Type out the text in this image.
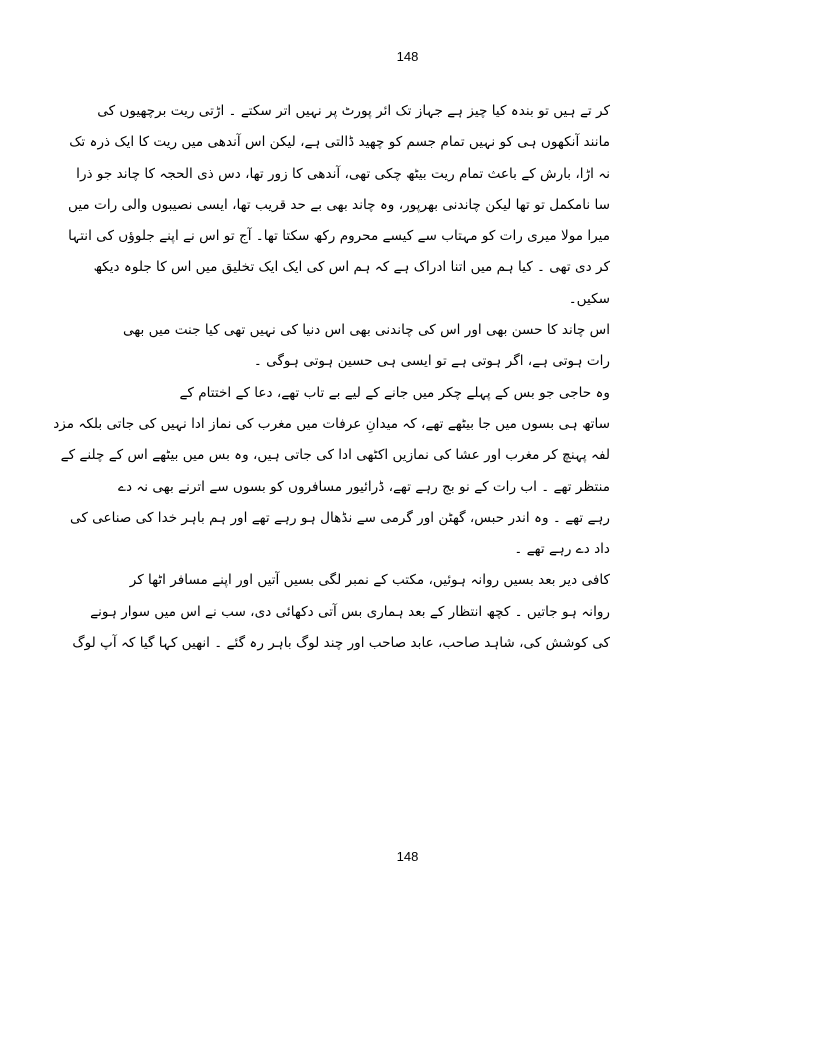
148
کر تے ہیں تو بندہ کیا چیز ہے جہاز تک ائر پورٹ پر نہیں اتر سکتے ۔ اڑتی ریت برچھیوں کی
مانند آنکھوں ہی کو نہیں تمام جسم کو چھید ڈالتی ہے، لیکن اس آندھی میں ریت کا ایک ذرہ تک
نہ اڑا، بارش کے باعث تمام ریت بیٹھ چکی تھی، آندھی کا زور تھا، دس ذی الحجہ کا چاند جو ذرا
سا نامکمل تو تھا لیکن چاندنی بھرپور، وہ چاند بھی بے حد قریب تھا، ایسی نصیبوں والی رات میں
میرا مولا میری رات کو مہتاب سے کیسے محروم رکھ سکتا تھا۔ آج تو اس نے اپنے جلوؤں کی انتہا
کر دی تھی ۔ کیا ہم میں اتنا ادراک ہے کہ ہم اس کی ایک ایک تخلیق میں اس کا جلوہ دیکھ
سکیں۔
اس چاند کا حسن بھی اور اس کی چاندنی بھی اس دنیا کی نہیں تھی کیا جنت میں بھی
رات ہوتی ہے، اگر ہوتی ہے تو ایسی ہی حسین ہوتی ہوگی ۔
وہ حاجی جو بس کے پہلے چکر میں جانے کے لیے بے تاب تھے، دعا کے اختتام کے
ساتھ ہی بسوں میں جا بیٹھے تھے، کہ میدانِ عرفات میں مغرب کی نماز ادا نہیں کی جاتی بلکہ مزد
لفہ پہنچ کر مغرب اور عشا کی نمازیں اکٹھی ادا کی جاتی ہیں، وہ بس میں بیٹھے اس کے چلنے کے
منتظر تھے ۔ اب رات کے نو بج رہے تھے، ڈرائیور مسافروں کو بسوں سے اترنے بھی نہ دے
رہے تھے ۔ وہ اندر حبس، گھٹن اور گرمی سے نڈھال ہو رہے تھے اور ہم باہر خدا کی صناعی کی
داد دے رہے تھے ۔
کافی دیر بعد بسیں روانہ ہوئیں، مکتب کے نمبر لگی بسیں آتیں اور اپنے مسافر اٹھا کر
روانہ ہو جاتیں ۔ کچھ انتظار کے بعد ہماری بس آتی دکھائی دی، سب نے اس میں سوار ہونے
کی کوشش کی، شاہد صاحب، عابد صاحب اور چند لوگ باہر رہ گئے ۔ انھیں کہا گیا کہ آپ لوگ
148
